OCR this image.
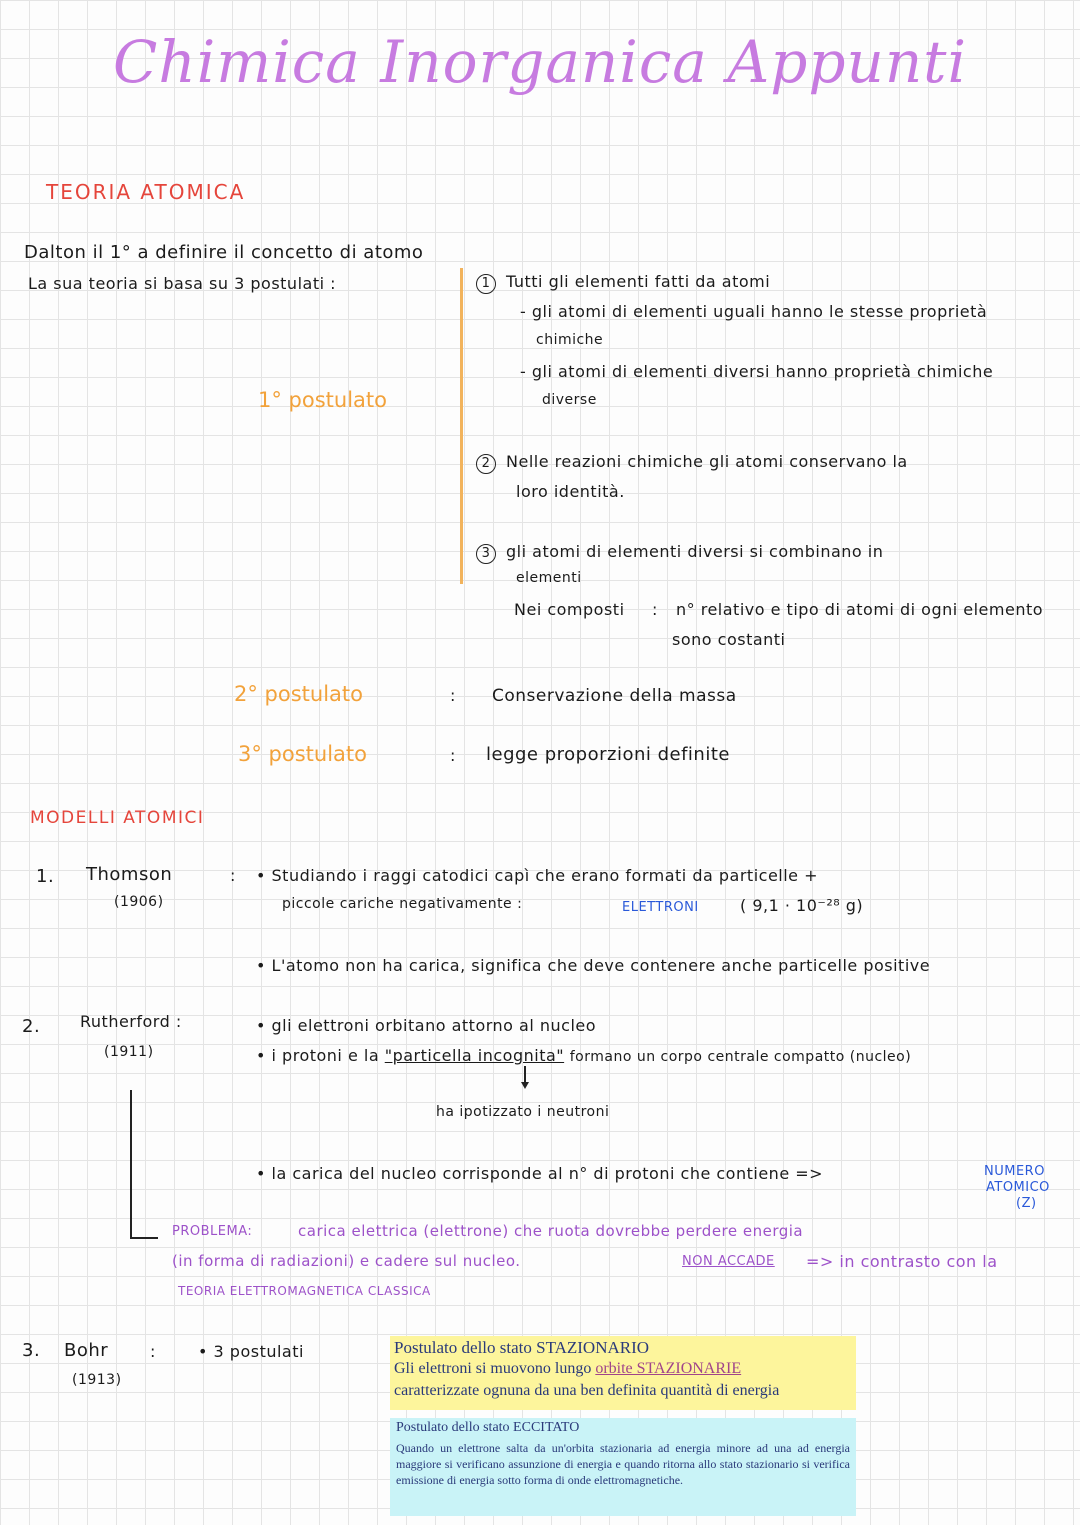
Chimica Inorganica Appunti
TEORIA ATOMICA
Dalton il 1° a definire il concetto di atomo
La sua teoria si basa su 3 postulati :
1° postulato
1 Tutti gli elementi fatti da atomi
- gli atomi di elementi uguali hanno le stesse proprietà
chimiche
- gli atomi di elementi diversi hanno proprietà chimiche
diverse
2 Nelle reazioni chimiche gli atomi conservano la
loro identità.
3 gli atomi di elementi diversi si combinano in
elementi
Nei composti : n° relativo e tipo di atomi di ogni elemento
sono costanti
2° postulato	: Conservazione della massa
3° postulato	: legge proporzioni definite
MODELLI ATOMICI
1. Thomson
(1906)
: • Studiando i raggi catodici capì che erano formati da particelle +
piccole cariche negativamente :	ELETTRONI	( 9,1 · 10⁻²⁸ g)
• L'atomo non ha carica, significa che deve contenere anche particelle positive
2. Rutherford :
(1911)
• gli elettroni orbitano attorno al nucleo
• i protoni e la "particella incognita" formano un corpo centrale compatto (nucleo)
ha ipotizzato i neutroni
• la carica del nucleo corrisponde al n° di protoni che contiene =>	NUMERO
ATOMICO
(Z)
PROBLEMA:	carica elettrica (elettrone) che ruota dovrebbe perdere energia
(in forma di radiazioni) e cadere sul nucleo.	NON ACCADE => in contrasto con la
TEORIA ELETTROMAGNETICA CLASSICA
3. Bohr	:
(1913)
• 3 postulati	Postulato dello stato STAZIONARIO
Gli elettroni si muovono lungo orbite STAZIONARIE
caratterizzate ognuna da una ben definita quantità di energia
Postulato dello stato ECCITATO
Quando un elettrone salta da un'orbita stazionaria ad energia minore ad una ad energia maggiore si verificano assunzione di energia e quando ritorna allo stato stazionario si verifica emissione di energia sotto forma di onde elettromagnetiche.
